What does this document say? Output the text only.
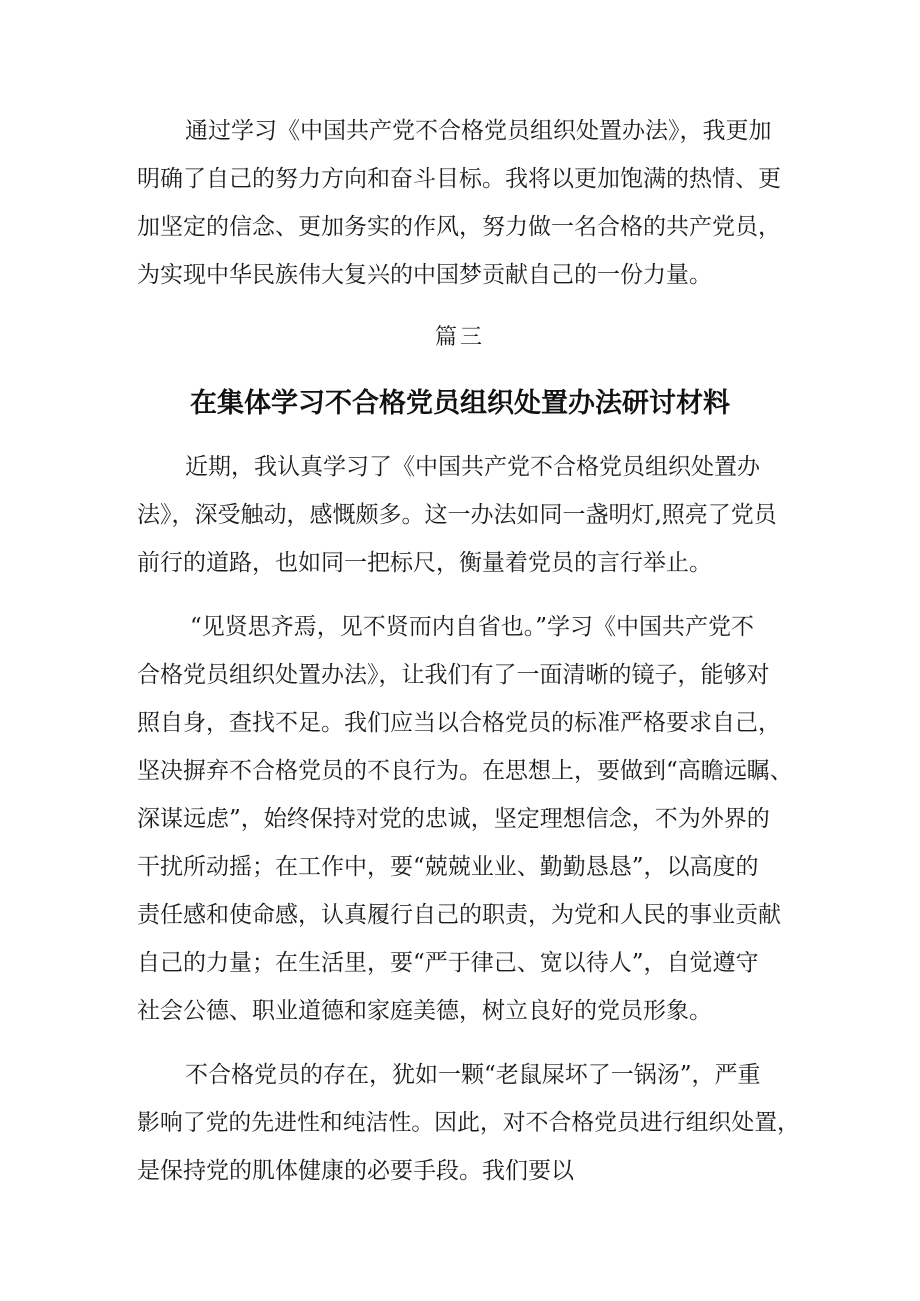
通过学习《中国共产党不合格党员组织处置办法》，我更加
明确了自己的努力方向和奋斗目标。我将以更加饱满的热情、更
加坚定的信念、更加务实的作风，努力做一名合格的共产党员，
为实现中华民族伟大复兴的中国梦贡献自己的一份力量。
篇三
在集体学习不合格党员组织处置办法研讨材料
近期，我认真学习了《中国共产党不合格党员组织处置办
法》，深受触动，感慨颇多。这一办法如同一盏明灯,照亮了党员
前行的道路，也如同一把标尺，衡量着党员的言行举止。
“见贤思齐焉，见不贤而内自省也。”学习《中国共产党不
合格党员组织处置办法》，让我们有了一面清晰的镜子，能够对
照自身，查找不足。我们应当以合格党员的标准严格要求自己，
坚决摒弃不合格党员的不良行为。在思想上，要做到“高瞻远瞩、
深谋远虑”，始终保持对党的忠诚，坚定理想信念，不为外界的
干扰所动摇；在工作中，要“兢兢业业、勤勤恳恳”，以高度的
责任感和使命感，认真履行自己的职责，为党和人民的事业贡献
自己的力量；在生活里，要“严于律己、宽以待人”，自觉遵守
社会公德、职业道德和家庭美德，树立良好的党员形象。
不合格党员的存在，犹如一颗“老鼠屎坏了一锅汤”，严重
影响了党的先进性和纯洁性。因此，对不合格党员进行组织处置，
是保持党的肌体健康的必要手段。我们要以
